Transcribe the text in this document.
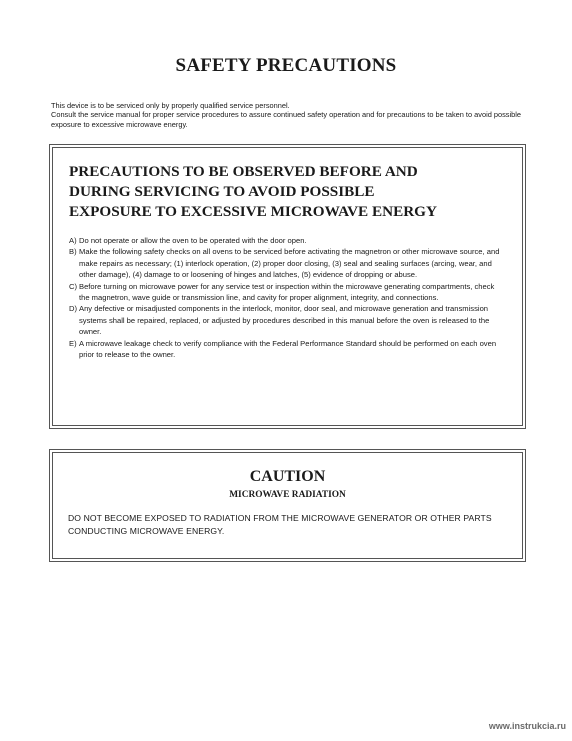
SAFETY PRECAUTIONS

This device is to be serviced only by properly qualified service personnel.

Consult the service manual for proper service procedures to assure continued safety operation and for precautions to be taken to avoid possible exposure to excessive microwave energy.

PRECAUTIONS TO BE OBSERVED BEFORE AND
DURING SERVICING TO AVOID POSSIBLE
EXPOSURE TO EXCESSIVE MICROWAVE ENERGY
A) Do not operate or allow the oven to be operated with the door open.
B) Make the following safety checks on all ovens to be serviced before activating the magnetron or other microwave source, and make repairs as necessary; (1) interlock operation, (2) proper door closing, (3) seal and sealing surfaces (arcing, wear, and other damage), (4) damage to or loosening of hinges and latches, (5) evidence of dropping or abuse.
C) Before turning on microwave power for any service test or inspection within the microwave generating compartments, check the magnetron, wave guide or transmission line, and cavity for proper alignment, integrity, and connections.
D) Any defective or misadjusted components in the interlock, monitor, door seal, and microwave generation and transmission systems shall be repaired, replaced, or adjusted by procedures described in this manual before the oven is released to the owner.
E) A microwave leakage check to verify compliance with the Federal Performance Standard should be performed on each oven prior to release to the owner.
CAUTION
MICROWAVE RADIATION

DO NOT BECOME EXPOSED TO RADIATION FROM THE MICROWAVE GENERATOR OR OTHER PARTS CONDUCTING MICROWAVE ENERGY.

www.instrukcia.ru
